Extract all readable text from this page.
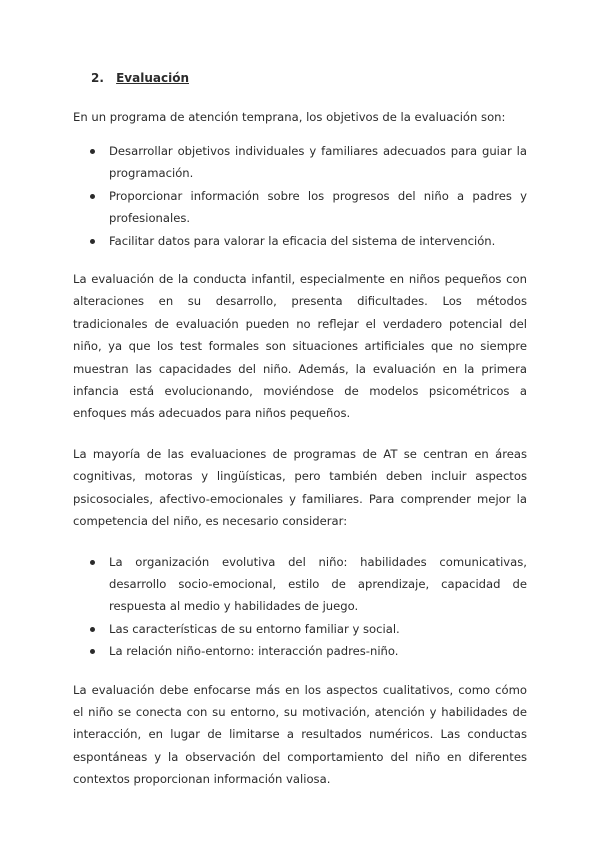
2. Evaluación

En un programa de atención temprana, los objetivos de la evaluación son:

Desarrollar objetivos individuales y familiares adecuados para guiar la programación.
Proporcionar información sobre los progresos del niño a padres y profesionales.
Facilitar datos para valorar la eficacia del sistema de intervención.

La evaluación de la conducta infantil, especialmente en niños pequeños con alteraciones en su desarrollo, presenta dificultades. Los métodos tradicionales de evaluación pueden no reflejar el verdadero potencial del niño, ya que los test formales son situaciones artificiales que no siempre muestran las capacidades del niño. Además, la evaluación en la primera infancia está evolucionando, moviéndose de modelos psicométricos a enfoques más adecuados para niños pequeños.

La mayoría de las evaluaciones de programas de AT se centran en áreas cognitivas, motoras y lingüísticas, pero también deben incluir aspectos psicosociales, afectivo-emocionales y familiares. Para comprender mejor la competencia del niño, es necesario considerar:

La organización evolutiva del niño: habilidades comunicativas, desarrollo socio-emocional, estilo de aprendizaje, capacidad de respuesta al medio y habilidades de juego.
Las características de su entorno familiar y social.
La relación niño-entorno: interacción padres-niño.

La evaluación debe enfocarse más en los aspectos cualitativos, como cómo el niño se conecta con su entorno, su motivación, atención y habilidades de interacción, en lugar de limitarse a resultados numéricos. Las conductas espontáneas y la observación del comportamiento del niño en diferentes contextos proporcionan información valiosa.
